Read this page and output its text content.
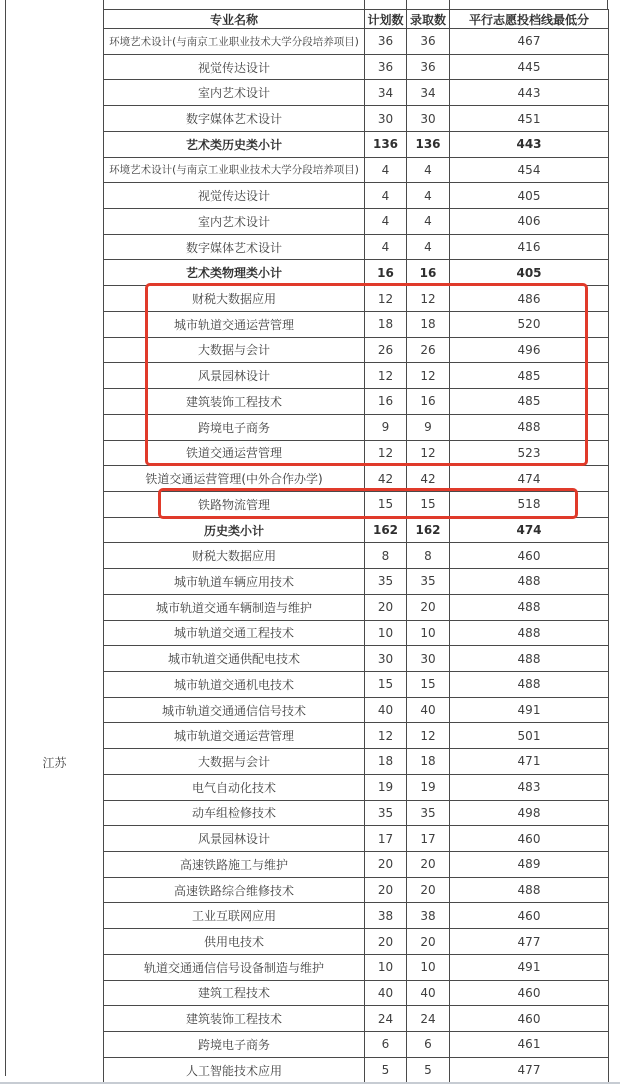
江苏
专业名称	计划数	录取数	平行志愿投档线最低分
环境艺术设计(与南京工业职业技术大学分段培养项目)	36	36	467
视觉传达设计	36	36	445
室内艺术设计	34	34	443
数字媒体艺术设计	30	30	451
艺术类历史类小计	136	136	443
环境艺术设计(与南京工业职业技术大学分段培养项目)	4	4	454
视觉传达设计	4	4	405
室内艺术设计	4	4	406
数字媒体艺术设计	4	4	416
艺术类物理类小计	16	16	405
财税大数据应用	12	12	486
城市轨道交通运营管理	18	18	520
大数据与会计	26	26	496
风景园林设计	12	12	485
建筑装饰工程技术	16	16	485
跨境电子商务	9	9	488
铁道交通运营管理	12	12	523
铁道交通运营管理(中外合作办学)	42	42	474
铁路物流管理	15	15	518
历史类小计	162	162	474
财税大数据应用	8	8	460
城市轨道车辆应用技术	35	35	488
城市轨道交通车辆制造与维护	20	20	488
城市轨道交通工程技术	10	10	488
城市轨道交通供配电技术	30	30	488
城市轨道交通机电技术	15	15	488
城市轨道交通通信信号技术	40	40	491
城市轨道交通运营管理	12	12	501
大数据与会计	18	18	471
电气自动化技术	19	19	483
动车组检修技术	35	35	498
风景园林设计	17	17	460
高速铁路施工与维护	20	20	489
高速铁路综合维修技术	20	20	488
工业互联网应用	38	38	460
供用电技术	20	20	477
轨道交通通信信号设备制造与维护	10	10	491
建筑工程技术	40	40	460
建筑装饰工程技术	24	24	460
跨境电子商务	6	6	461
人工智能技术应用	5	5	477
